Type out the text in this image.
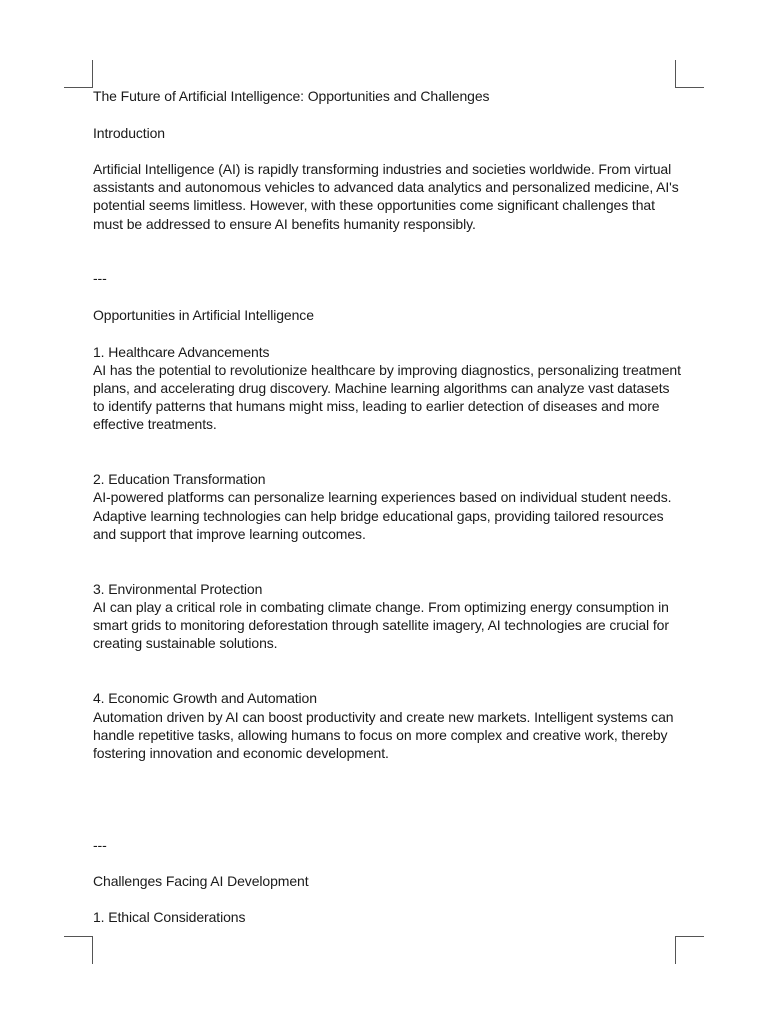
The Future of Artificial Intelligence: Opportunities and Challenges
Introduction
Artificial Intelligence (AI) is rapidly transforming industries and societies worldwide. From virtual
assistants and autonomous vehicles to advanced data analytics and personalized medicine, AI's
potential seems limitless. However, with these opportunities come significant challenges that
must be addressed to ensure AI benefits humanity responsibly.
---
Opportunities in Artificial Intelligence
1. Healthcare Advancements
AI has the potential to revolutionize healthcare by improving diagnostics, personalizing treatment
plans, and accelerating drug discovery. Machine learning algorithms can analyze vast datasets
to identify patterns that humans might miss, leading to earlier detection of diseases and more
effective treatments.
2. Education Transformation
AI-powered platforms can personalize learning experiences based on individual student needs.
Adaptive learning technologies can help bridge educational gaps, providing tailored resources
and support that improve learning outcomes.
3. Environmental Protection
AI can play a critical role in combating climate change. From optimizing energy consumption in
smart grids to monitoring deforestation through satellite imagery, AI technologies are crucial for
creating sustainable solutions.
4. Economic Growth and Automation
Automation driven by AI can boost productivity and create new markets. Intelligent systems can
handle repetitive tasks, allowing humans to focus on more complex and creative work, thereby
fostering innovation and economic development.
---
Challenges Facing AI Development
1. Ethical Considerations
